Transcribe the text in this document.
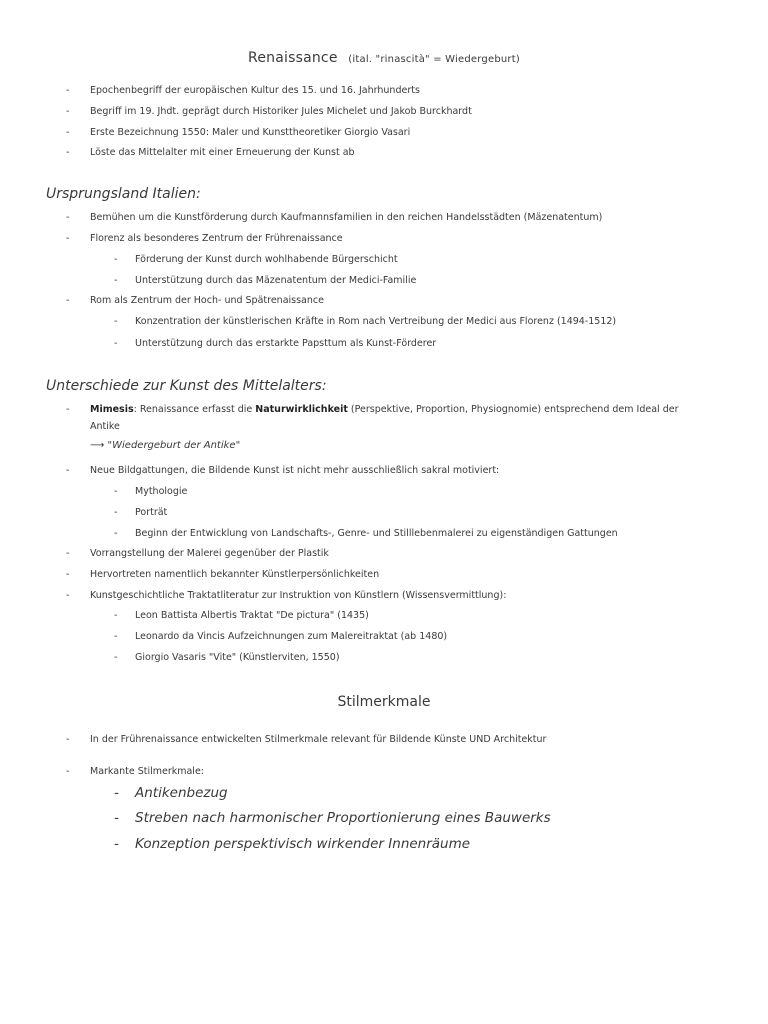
Renaissance (ital. "rinascità" = Wiedergeburt)
- Epochenbegriff der europäischen Kultur des 15. und 16. Jahrhunderts
- Begriff im 19. Jhdt. geprägt durch Historiker Jules Michelet und Jakob Burckhardt
- Erste Bezeichnung 1550: Maler und Kunsttheoretiker Giorgio Vasari
- Löste das Mittelalter mit einer Erneuerung der Kunst ab
Ursprungsland Italien:
- Bemühen um die Kunstförderung durch Kaufmannsfamilien in den reichen Handelsstädten (Mäzenatentum)
- Florenz als besonderes Zentrum der Frührenaissance
- Förderung der Kunst durch wohlhabende Bürgerschicht
- Unterstützung durch das Mäzenatentum der Medici-Familie
- Rom als Zentrum der Hoch- und Spätrenaissance
- Konzentration der künstlerischen Kräfte in Rom nach Vertreibung der Medici aus Florenz (1494-1512)
- Unterstützung durch das erstarkte Papsttum als Kunst-Förderer
Unterschiede zur Kunst des Mittelalters:
- Mimesis: Renaissance erfasst die Naturwirklichkeit (Perspektive, Proportion, Physiognomie) entsprechend dem Ideal der
Antike
⟶ "Wiedergeburt der Antike"
- Neue Bildgattungen, die Bildende Kunst ist nicht mehr ausschließlich sakral motiviert:
- Mythologie
- Porträt
- Beginn der Entwicklung von Landschafts-, Genre- und Stilllebenmalerei zu eigenständigen Gattungen
- Vorrangstellung der Malerei gegenüber der Plastik
- Hervortreten namentlich bekannter Künstlerpersönlichkeiten
- Kunstgeschichtliche Traktatliteratur zur Instruktion von Künstlern (Wissensvermittlung):
- Leon Battista Albertis Traktat "De pictura" (1435)
- Leonardo da Vincis Aufzeichnungen zum Malereitraktat (ab 1480)
- Giorgio Vasaris "Vite" (Künstlerviten, 1550)
Stilmerkmale
- In der Frührenaissance entwickelten Stilmerkmale relevant für Bildende Künste UND Architektur
- Markante Stilmerkmale:
- Antikenbezug
- Streben nach harmonischer Proportionierung eines Bauwerks
- Konzeption perspektivisch wirkender Innenräume
